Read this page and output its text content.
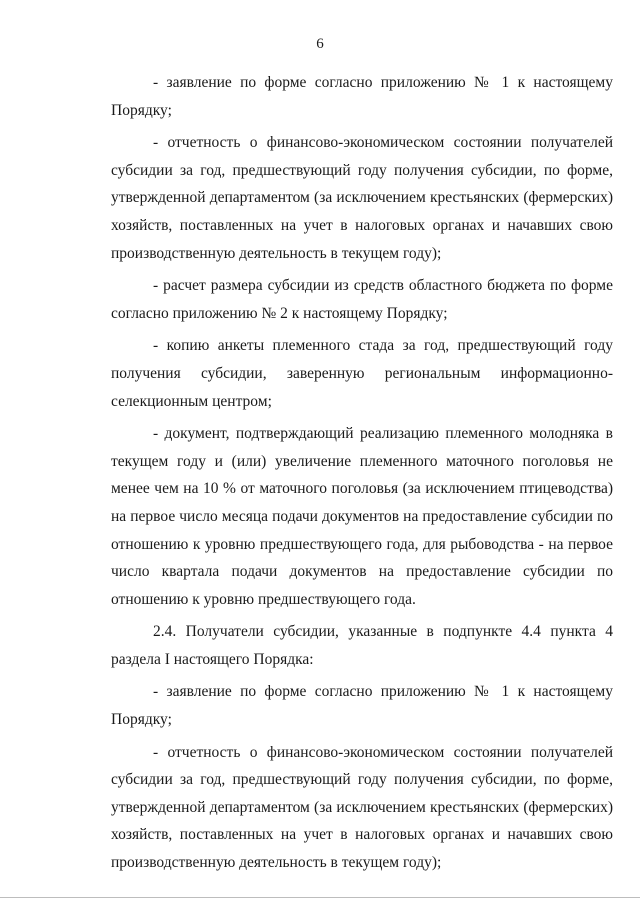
6

- заявление по форме согласно приложению № 1 к настоящему Порядку;

- отчетность о финансово-экономическом состоянии получателей субсидии за год, предшествующий году получения субсидии, по форме, утвержденной департаментом (за исключением крестьянских (фермерских) хозяйств, поставленных на учет в налоговых органах и начавших свою производственную деятельность в текущем году);

- расчет размера субсидии из средств областного бюджета по форме согласно приложению № 2 к настоящему Порядку;

- копию анкеты племенного стада за год, предшествующий году получения субсидии, заверенную региональным информационно-селекционным центром;

- документ, подтверждающий реализацию племенного молодняка в текущем году и (или) увеличение племенного маточного поголовья не менее чем на 10 % от маточного поголовья (за исключением птицеводства) на первое число месяца подачи документов на предоставление субсидии по отношению к уровню предшествующего года, для рыбоводства - на первое число квартала подачи документов на предоставление субсидии по отношению к уровню предшествующего года.

2.4. Получатели субсидии, указанные в подпункте 4.4 пункта 4 раздела I настоящего Порядка:

- заявление по форме согласно приложению № 1 к настоящему Порядку;

- отчетность о финансово-экономическом состоянии получателей субсидии за год, предшествующий году получения субсидии, по форме, утвержденной департаментом (за исключением крестьянских (фермерских) хозяйств, поставленных на учет в налоговых органах и начавших свою производственную деятельность в текущем году);
